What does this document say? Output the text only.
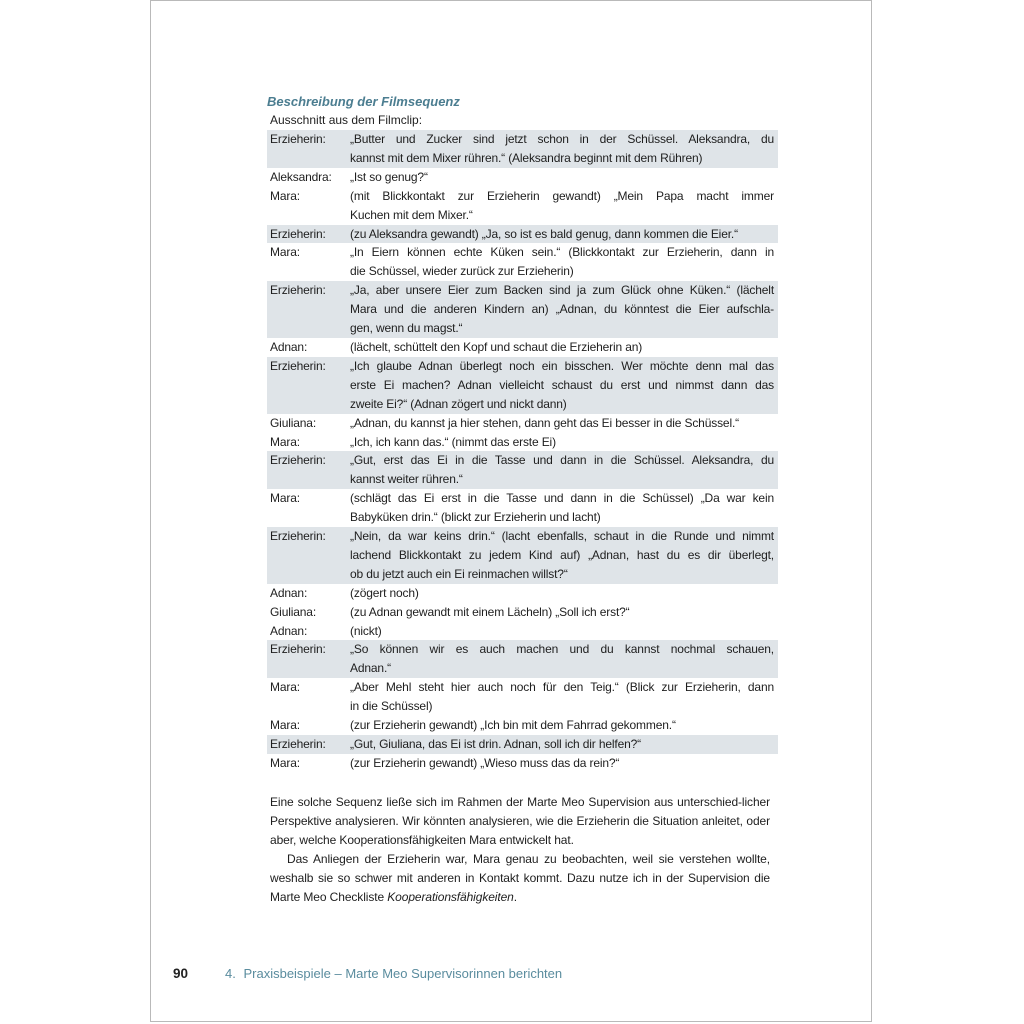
Beschreibung der Filmsequenz
Ausschnitt aus dem Filmclip:
Erzieherin:	„Butter und Zucker sind jetzt schon in der Schüssel. Aleksandra, du
kannst mit dem Mixer rühren.“ (Aleksandra beginnt mit dem Rühren)
Aleksandra:	„Ist so genug?“
Mara:	(mit Blickkontakt zur Erzieherin gewandt) „Mein Papa macht immer
Kuchen mit dem Mixer.“
Erzieherin:	(zu Aleksandra gewandt) „Ja, so ist es bald genug, dann kommen die Eier.“
Mara:	„In Eiern können echte Küken sein.“ (Blickkontakt zur Erzieherin, dann in
die Schüssel, wieder zurück zur Erzieherin)
Erzieherin:	„Ja, aber unsere Eier zum Backen sind ja zum Glück ohne Küken.“ (lächelt
Mara und die anderen Kindern an) „Adnan, du könntest die Eier aufschla-
gen, wenn du magst.“
Adnan:	(lächelt, schüttelt den Kopf und schaut die Erzieherin an)
Erzieherin:	„Ich glaube Adnan überlegt noch ein bisschen. Wer möchte denn mal das
erste Ei machen? Adnan vielleicht schaust du erst und nimmst dann das
zweite Ei?“ (Adnan zögert und nickt dann)
Giuliana:	„Adnan, du kannst ja hier stehen, dann geht das Ei besser in die Schüssel.“
Mara:	„Ich, ich kann das.“ (nimmt das erste Ei)
Erzieherin:	„Gut, erst das Ei in die Tasse und dann in die Schüssel. Aleksandra, du
kannst weiter rühren.“
Mara:	(schlägt das Ei erst in die Tasse und dann in die Schüssel) „Da war kein
Babyküken drin.“ (blickt zur Erzieherin und lacht)
Erzieherin:	„Nein, da war keins drin.“ (lacht ebenfalls, schaut in die Runde und nimmt
lachend Blickkontakt zu jedem Kind auf) „Adnan, hast du es dir überlegt,
ob du jetzt auch ein Ei reinmachen willst?“
Adnan:	(zögert noch)
Giuliana:	(zu Adnan gewandt mit einem Lächeln) „Soll ich erst?“
Adnan:	(nickt)
Erzieherin:	„So können wir es auch machen und du kannst nochmal schauen,
Adnan.“
Mara:	„Aber Mehl steht hier auch noch für den Teig.“ (Blick zur Erzieherin, dann
in die Schüssel)
Mara:	(zur Erzieherin gewandt) „Ich bin mit dem Fahrrad gekommen.“
Erzieherin:	„Gut, Giuliana, das Ei ist drin. Adnan, soll ich dir helfen?“
Mara:	(zur Erzieherin gewandt) „Wieso muss das da rein?“

Eine solche Sequenz ließe sich im Rahmen der Marte Meo Supervision aus unterschied-licher Perspektive analysieren. Wir könnten analysieren, wie die Erzieherin die Situation anleitet, oder aber, welche Kooperationsfähigkeiten Mara entwickelt hat.

Das Anliegen der Erzieherin war, Mara genau zu beobachten, weil sie verstehen wollte, weshalb sie so schwer mit anderen in Kontakt kommt. Dazu nutze ich in der Supervision die Marte Meo Checkliste Kooperationsfähigkeiten.

90	4. Praxisbeispiele – Marte Meo Supervisorinnen berichten
